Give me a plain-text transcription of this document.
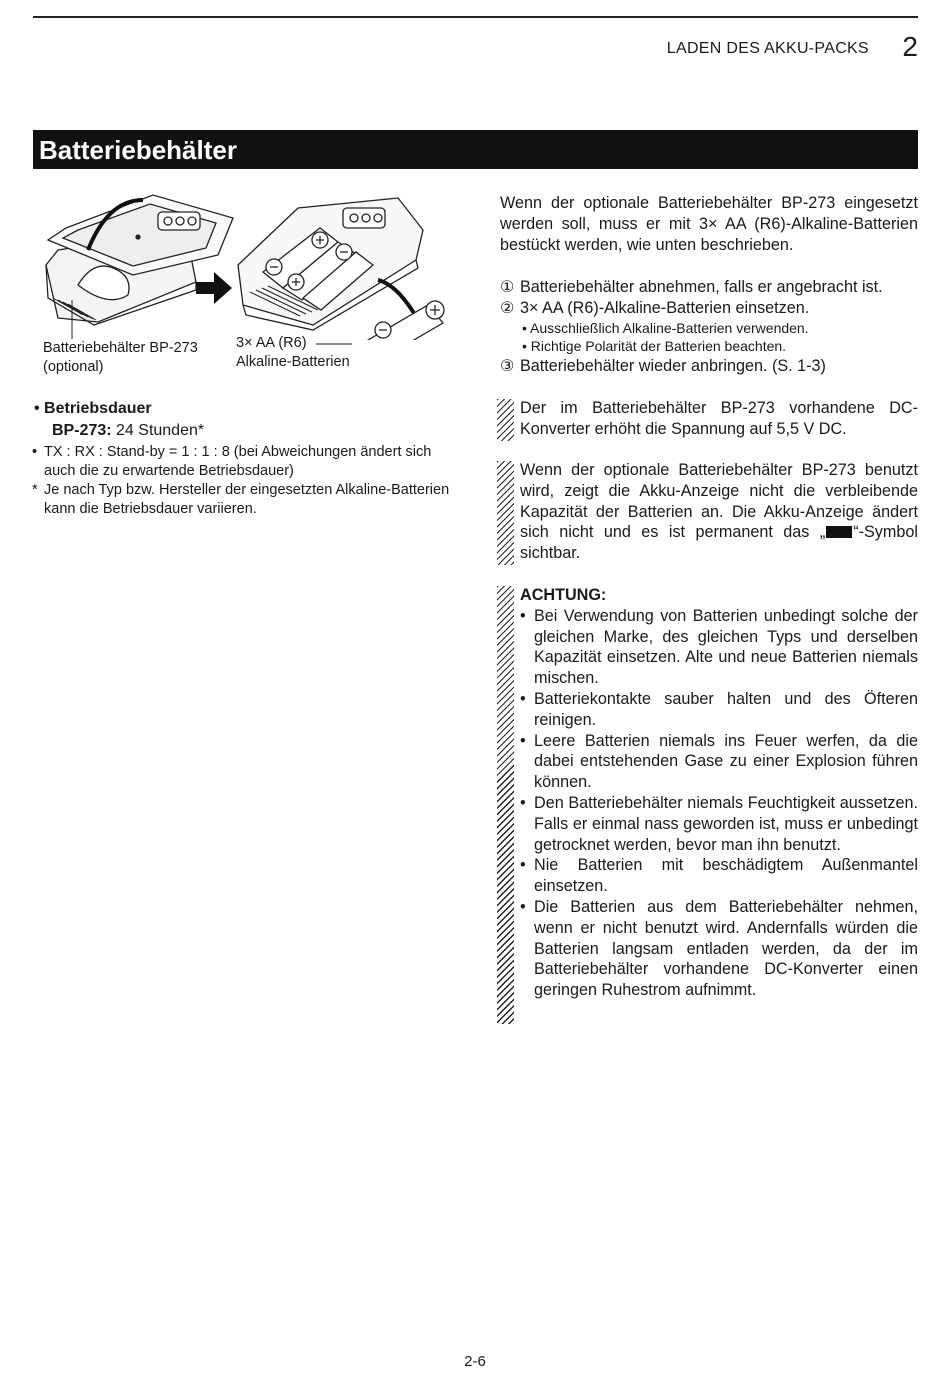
LADEN DES AKKU-PACKS 2
Batteriebehälter
Batteriebehälter BP-273
(optional)
3× AA (R6)
Alkaline-Batterien
• Betriebsdauer
BP-273: 24 Stunden*
• TX : RX : Stand-by = 1 : 1 : 8 (bei Abweichungen ändert sich auch die zu erwartende Betriebsdauer)
* Je nach Typ bzw. Hersteller der eingesetzten Alkaline-Batterien kann die Betriebsdauer variieren.
Wenn der optionale Batteriebehälter BP-273 eingesetzt werden soll, muss er mit 3× AA (R6)-Alkaline-Batterien bestückt werden, wie unten beschrieben.
① Batteriebehälter abnehmen, falls er angebracht ist.
② 3× AA (R6)-Alkaline-Batterien einsetzen.
• Ausschließlich Alkaline-Batterien verwenden.
• Richtige Polarität der Batterien beachten.
③ Batteriebehälter wieder anbringen. (S. 1-3)
Der im Batteriebehälter BP-273 vorhandene DC-Konverter erhöht die Spannung auf 5,5 V DC.
Wenn der optionale Batteriebehälter BP-273 benutzt wird, zeigt die Akku-Anzeige nicht die verbleibende Kapazität der Batterien an. Die Akku-Anzeige ändert sich nicht und es ist permanent das „ “-Symbol sichtbar.
ACHTUNG:
• Bei Verwendung von Batterien unbedingt solche der gleichen Marke, des gleichen Typs und derselben Kapazität einsetzen. Alte und neue Batterien niemals mischen.
• Batteriekontakte sauber halten und des Öfteren reinigen.
• Leere Batterien niemals ins Feuer werfen, da die dabei entstehenden Gase zu einer Explosion führen können.
• Den Batteriebehälter niemals Feuchtigkeit aussetzen. Falls er einmal nass geworden ist, muss er unbedingt getrocknet werden, bevor man ihn benutzt.
• Nie Batterien mit beschädigtem Außenmantel einsetzen.
• Die Batterien aus dem Batteriebehälter nehmen, wenn er nicht benutzt wird. Andernfalls würden die Batterien langsam entladen werden, da der im Batteriebehälter vorhandene DC-Konverter einen geringen Ruhestrom aufnimmt.
2-6
